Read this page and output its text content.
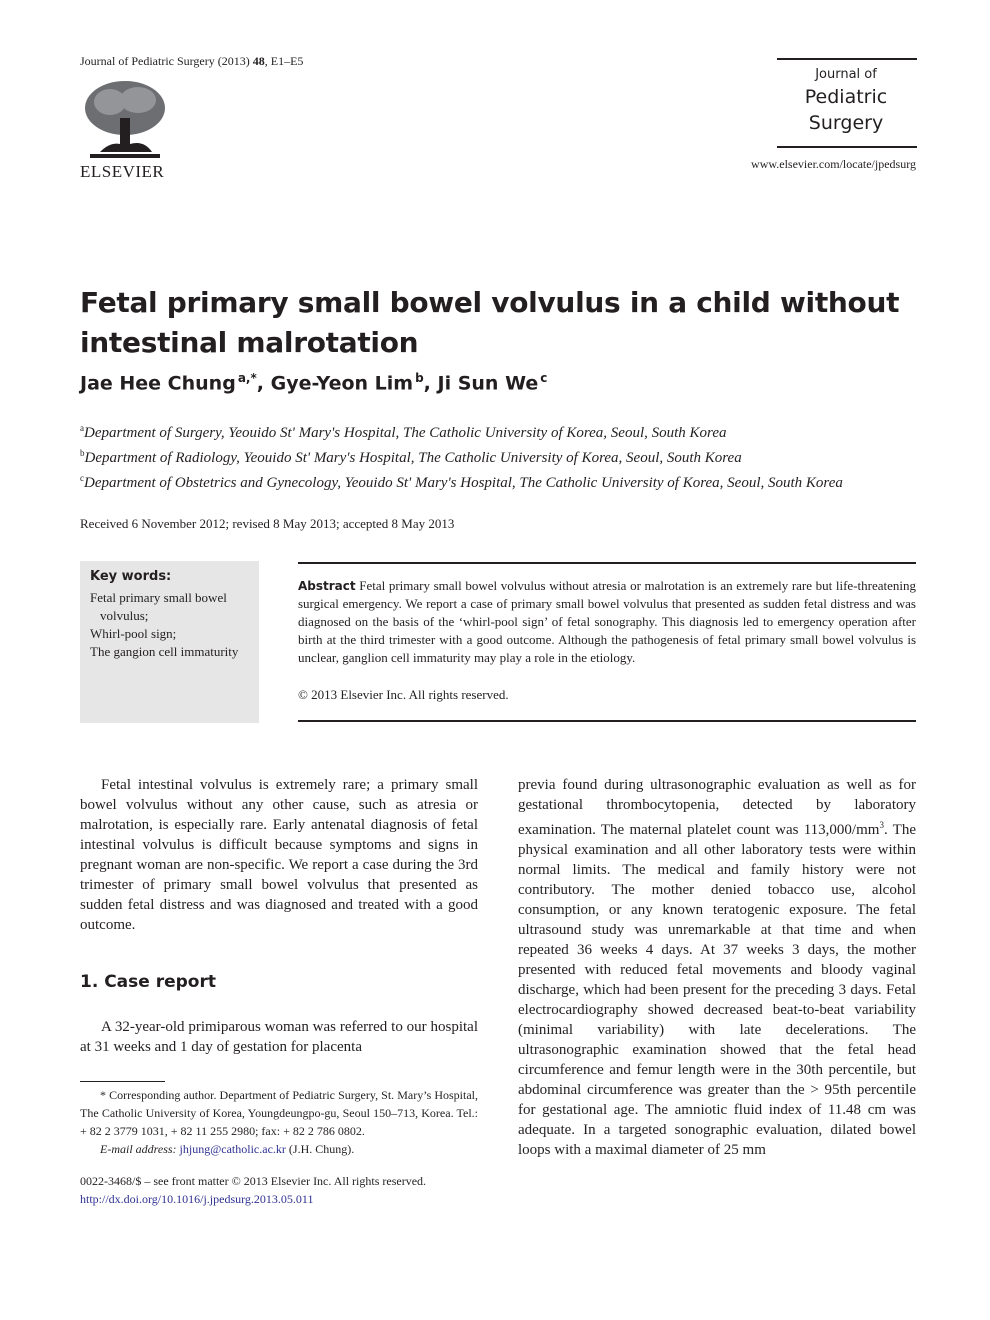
Journal of Pediatric Surgery (2013) 48, E1–E5
ELSEVIER
Journal of
Pediatric
Surgery
www.elsevier.com/locate/jpedsurg
Fetal primary small bowel volvulus in a child without intestinal malrotation
Jae Hee Chung $^{a,*}$, Gye-Yeon Lim $^b$, Ji Sun We $^c$
$^a$Department of Surgery, Yeouido St' Mary's Hospital, The Catholic University of Korea, Seoul, South Korea
$^b$Department of Radiology, Yeouido St' Mary's Hospital, The Catholic University of Korea, Seoul, South Korea
$^c$Department of Obstetrics and Gynecology, Yeouido St' Mary's Hospital, The Catholic University of Korea, Seoul, South Korea
Received 6 November 2012; revised 8 May 2013; accepted 8 May 2013
Key words:
Fetal primary small bowel volvulus;
Whirl-pool sign;
The gangion cell immaturity
Abstract Fetal primary small bowel volvulus without atresia or malrotation is an extremely rare but life-threatening surgical emergency. We report a case of primary small bowel volvulus that presented as sudden fetal distress and was diagnosed on the basis of the ‘whirl-pool sign’ of fetal sonography. This diagnosis led to emergency operation after birth at the third trimester with a good outcome. Although the pathogenesis of fetal primary small bowel volvulus is unclear, ganglion cell immaturity may play a role in the etiology.
© 2013 Elsevier Inc. All rights reserved.

Fetal intestinal volvulus is extremely rare; a primary small bowel volvulus without any other cause, such as atresia or malrotation, is especially rare. Early antenatal diagnosis of fetal intestinal volvulus is difficult because symptoms and signs in pregnant woman are non-specific. We report a case during the 3rd trimester of primary small bowel volvulus that presented as sudden fetal distress and was diagnosed and treated with a good outcome.

1. Case report

A 32-year-old primiparous woman was referred to our hospital at 31 weeks and 1 day of gestation for placenta

previa found during ultrasonographic evaluation as well as for gestational thrombocytopenia, detected by laboratory examination. The maternal platelet count was $113,000/mm^3$. The physical examination and all other laboratory tests were within normal limits. The medical and family history were not contributory. The mother denied tobacco use, alcohol consumption, or any known teratogenic exposure. The fetal ultrasound study was unremarkable at that time and when repeated 36 weeks 4 days. At 37 weeks 3 days, the mother presented with reduced fetal movements and bloody vaginal discharge, which had been present for the preceding 3 days. Fetal electrocardiography showed decreased beat-to-beat variability (minimal variability) with late decelerations. The ultrasonographic examination showed that the fetal head circumference and femur length were in the 30th percentile, but abdominal circumference was greater than the > 95th percentile for gestational age. The amniotic fluid index of 11.48 cm was adequate. In a targeted sonographic evaluation, dilated bowel loops with a maximal diameter of 25 mm

* Corresponding author. Department of Pediatric Surgery, St. Mary’s Hospital, The Catholic University of Korea, Youngdeungpo-gu, Seoul 150–713, Korea. Tel.: + 82 2 3779 1031, + 82 11 255 2980; fax: + 82 2 786 0802.

E-mail address: jhjung@catholic.ac.kr (J.H. Chung).

0022-3468/$ – see front matter © 2013 Elsevier Inc. All rights reserved.
http://dx.doi.org/10.1016/j.jpedsurg.2013.05.011
